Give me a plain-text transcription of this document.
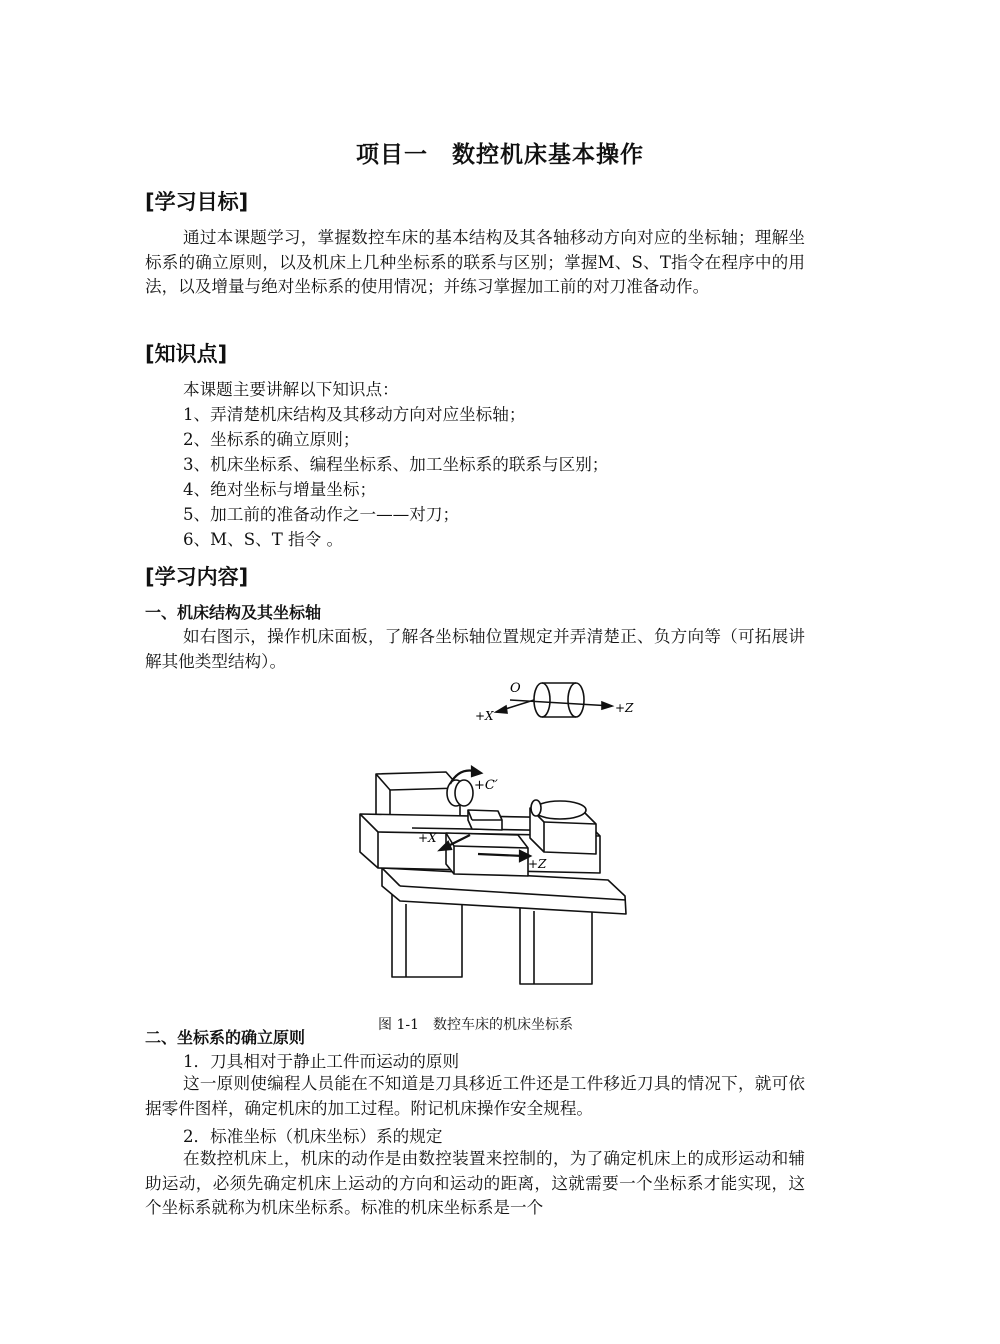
项目一　数控机床基本操作
[学习目标]

通过本课题学习，掌握数控车床的基本结构及其各轴移动方向对应的坐标轴；理解坐标系的确立原则，以及机床上几种坐标系的联系与区别；掌握M、S、T指令在程序中的用法，以及增量与绝对坐标系的使用情况；并练习掌握加工前的对刀准备动作。

[知识点]

本课题主要讲解以下知识点：

1、弄清楚机床结构及其移动方向对应坐标轴；

2、坐标系的确立原则；

3、机床坐标系、编程坐标系、加工坐标系的联系与区别；

4、绝对坐标与增量坐标；

5、加工前的准备动作之一——对刀；

6、M、S、T 指令 。

[学习内容]
一、机床结构及其坐标轴

如右图示，操作机床面板，了解各坐标轴位置规定并弄清楚正、负方向等（可拓展讲解其他类型结构）。

O
+X
+Z
+C′
+X
+Z

图 1-1　数控车床的机床坐标系

二、坐标系的确立原则

1．刀具相对于静止工件而运动的原则

这一原则使编程人员能在不知道是刀具移近工件还是工件移近刀具的情况下，就可依据零件图样，确定机床的加工过程。附记机床操作安全规程。

2．标准坐标（机床坐标）系的规定

在数控机床上，机床的动作是由数控装置来控制的，为了确定机床上的成形运动和辅助运动，必须先确定机床上运动的方向和运动的距离，这就需要一个坐标系才能实现，这个坐标系就称为机床坐标系。标准的机床坐标系是一个
